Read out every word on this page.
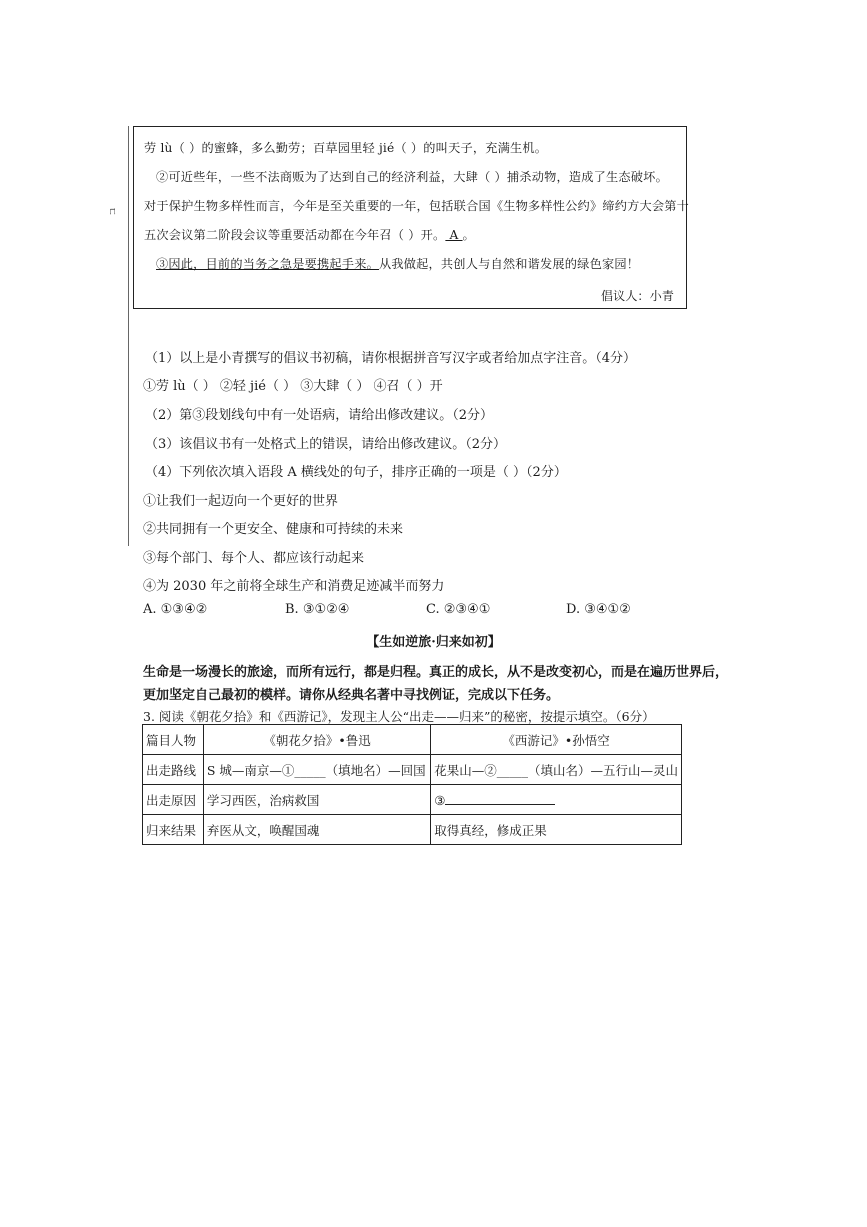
ㄷ
劳 lù（ ）的蜜蜂，多么勤劳；百草园里轻 jié（ ）的叫天子，充满生机。
②可近些年，一些不法商贩为了达到自己的经济利益，大肆（ ）捕杀动物，造成了生态破坏。
对于保护生物多样性而言，今年是至关重要的一年，包括联合国《生物多样性公约》缔约方大会第十
五次会议第二阶段会议等重要活动都在今年召（ ）开。 A 。
③因此，目前的当务之急是要携起手来。从我做起，共创人与自然和谐发展的绿色家园！
倡议人：小青
（1）以上是小青撰写的倡议书初稿，请你根据拼音写汉字或者给加点字注音。（4分）
①劳 lù（ ） ②轻 jié（ ） ③大肆（ ） ④召（ ）开
（2）第③段划线句中有一处语病，请给出修改建议。（2分）
（3）该倡议书有一处格式上的错误，请给出修改建议。（2分）
（4）下列依次填入语段 A 横线处的句子，排序正确的一项是（ ）（2分）
①让我们一起迈向一个更好的世界
②共同拥有一个更安全、健康和可持续的未来
③每个部门、每个人、都应该行动起来
④为 2030 年之前将全球生产和消费足迹减半而努力
A. ①③④②	B. ③①②④	C. ②③④①	D. ③④①②
【生如逆旅·归来如初】
生命是一场漫长的旅途，而所有远行，都是归程。真正的成长，从不是改变初心，而是在遍历世界后，
更加坚定自己最初的模样。请你从经典名著中寻找例证，完成以下任务。
3. 阅读《朝花夕拾》和《西游记》，发现主人公“出走——归来”的秘密，按提示填空。（6分）
篇目人物	《朝花夕拾》•鲁迅	《西游记》•孙悟空
出走路线	S 城—南京—①_____（填地名）—回国	花果山—②_____（填山名）—五行山—灵山
出走原因	学习西医，治病救国	③
归来结果	弃医从文，唤醒国魂	取得真经，修成正果
